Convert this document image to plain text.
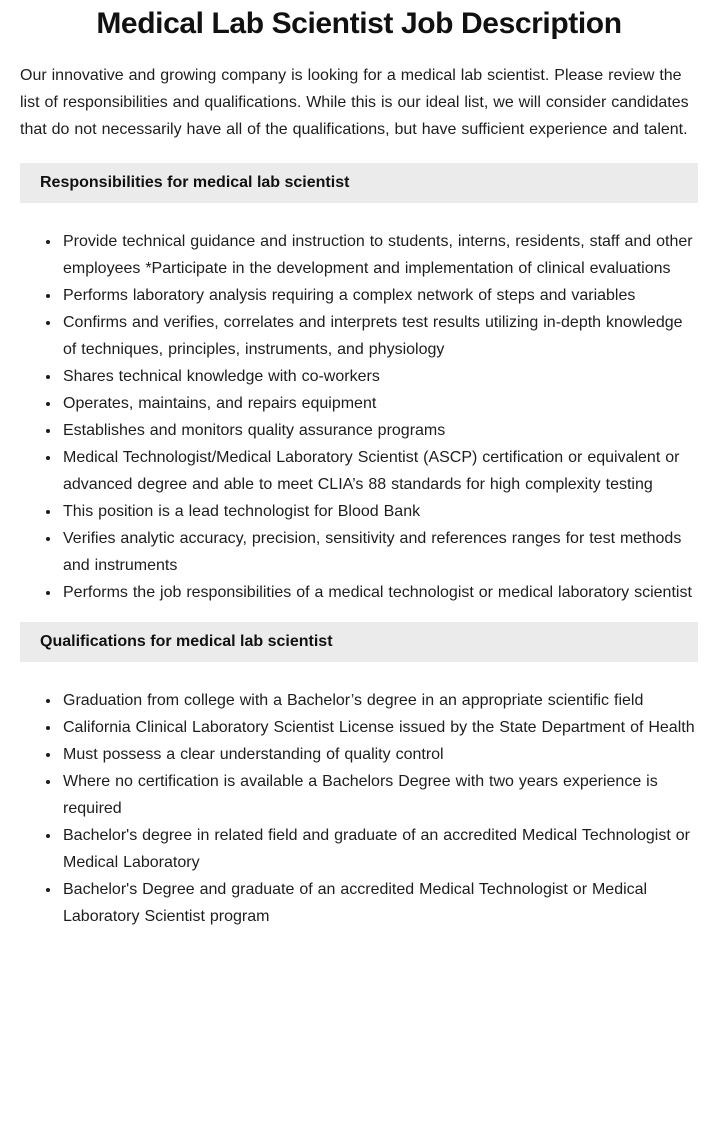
Medical Lab Scientist Job Description

Our innovative and growing company is looking for a medical lab scientist. Please review the list of responsibilities and qualifications. While this is our ideal list, we will consider candidates that do not necessarily have all of the qualifications, but have sufficient experience and talent.

Responsibilities for medical lab scientist
• Provide technical guidance and instruction to students, interns, residents, staff and other employees *Participate in the development and implementation of clinical evaluations
• Performs laboratory analysis requiring a complex network of steps and variables
• Confirms and verifies, correlates and interprets test results utilizing in-depth knowledge of techniques, principles, instruments, and physiology
• Shares technical knowledge with co-workers
• Operates, maintains, and repairs equipment
• Establishes and monitors quality assurance programs
• Medical Technologist/Medical Laboratory Scientist (ASCP) certification or equivalent or advanced degree and able to meet CLIA’s 88 standards for high complexity testing
• This position is a lead technologist for Blood Bank
• Verifies analytic accuracy, precision, sensitivity and references ranges for test methods and instruments
• Performs the job responsibilities of a medical technologist or medical laboratory scientist
Qualifications for medical lab scientist
• Graduation from college with a Bachelor’s degree in an appropriate scientific field
• California Clinical Laboratory Scientist License issued by the State Department of Health
• Must possess a clear understanding of quality control
• Where no certification is available a Bachelors Degree with two years experience is required
• Bachelor's degree in related field and graduate of an accredited Medical Technologist or Medical Laboratory
• Bachelor's Degree and graduate of an accredited Medical Technologist or Medical Laboratory Scientist program
